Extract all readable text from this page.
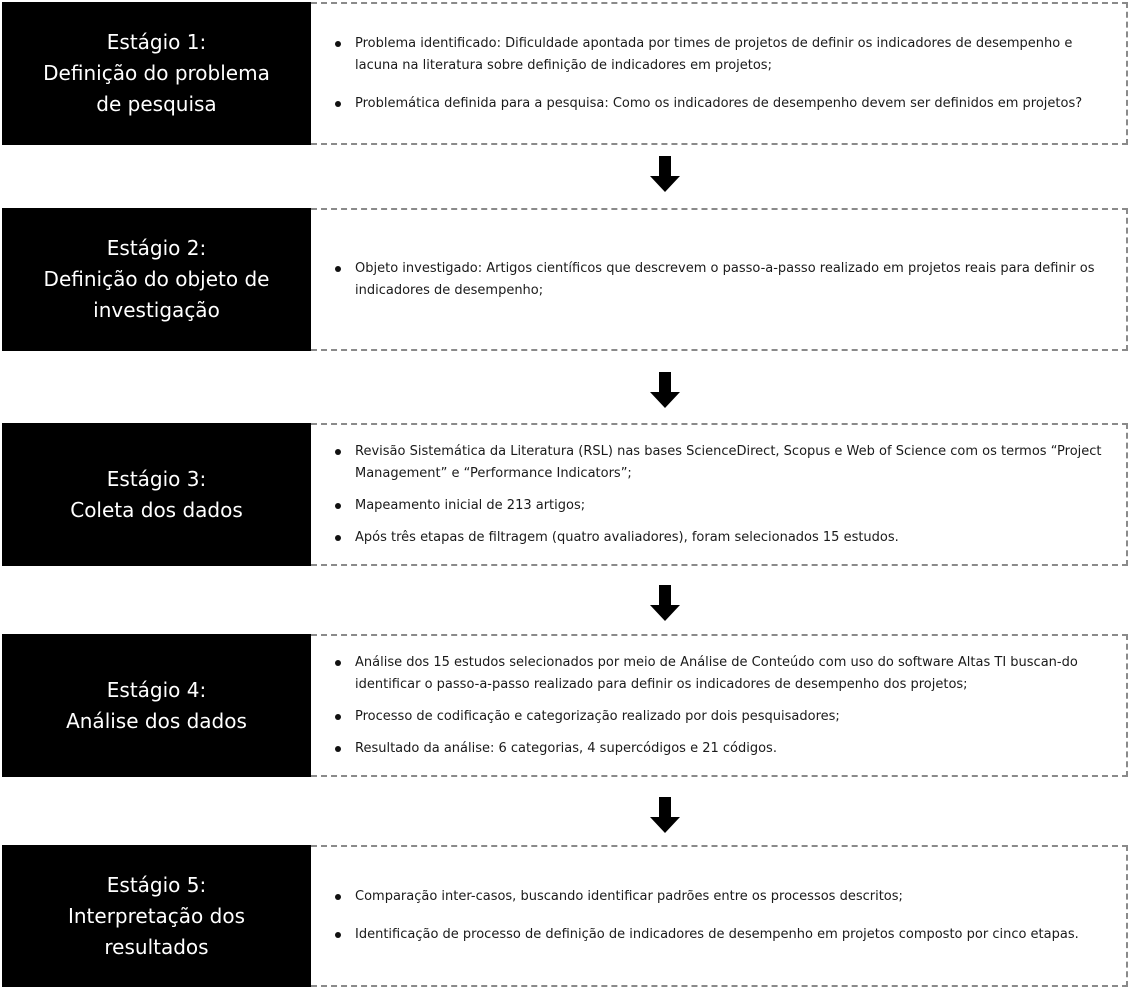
Estágio 1:
Definição do problema
de pesquisa
Problema identificado: Dificuldade apontada por times de projetos de definir os indicadores de desempenho e lacuna na literatura sobre definição de indicadores em projetos;
Problemática definida para a pesquisa: Como os indicadores de desempenho devem ser definidos em projetos?
Estágio 2:
Definição do objeto de
investigação
Objeto investigado: Artigos científicos que descrevem o passo-a-passo realizado em projetos reais para definir os indicadores de desempenho;
Estágio 3:
Coleta dos dados
Revisão Sistemática da Literatura (RSL) nas bases ScienceDirect, Scopus e Web of Science com os termos “Project Management” e “Performance Indicators”;
Mapeamento inicial de 213 artigos;
Após três etapas de filtragem (quatro avaliadores), foram selecionados 15 estudos.
Estágio 4:
Análise dos dados
Análise dos 15 estudos selecionados por meio de Análise de Conteúdo com uso do software Altas TI buscan-do identificar o passo-a-passo realizado para definir os indicadores de desempenho dos projetos;
Processo de codificação e categorização realizado por dois pesquisadores;
Resultado da análise: 6 categorias, 4 supercódigos e 21 códigos.
Estágio 5:
Interpretação dos
resultados
Comparação inter-casos, buscando identificar padrões entre os processos descritos;
Identificação de processo de definição de indicadores de desempenho em projetos composto por cinco etapas.
